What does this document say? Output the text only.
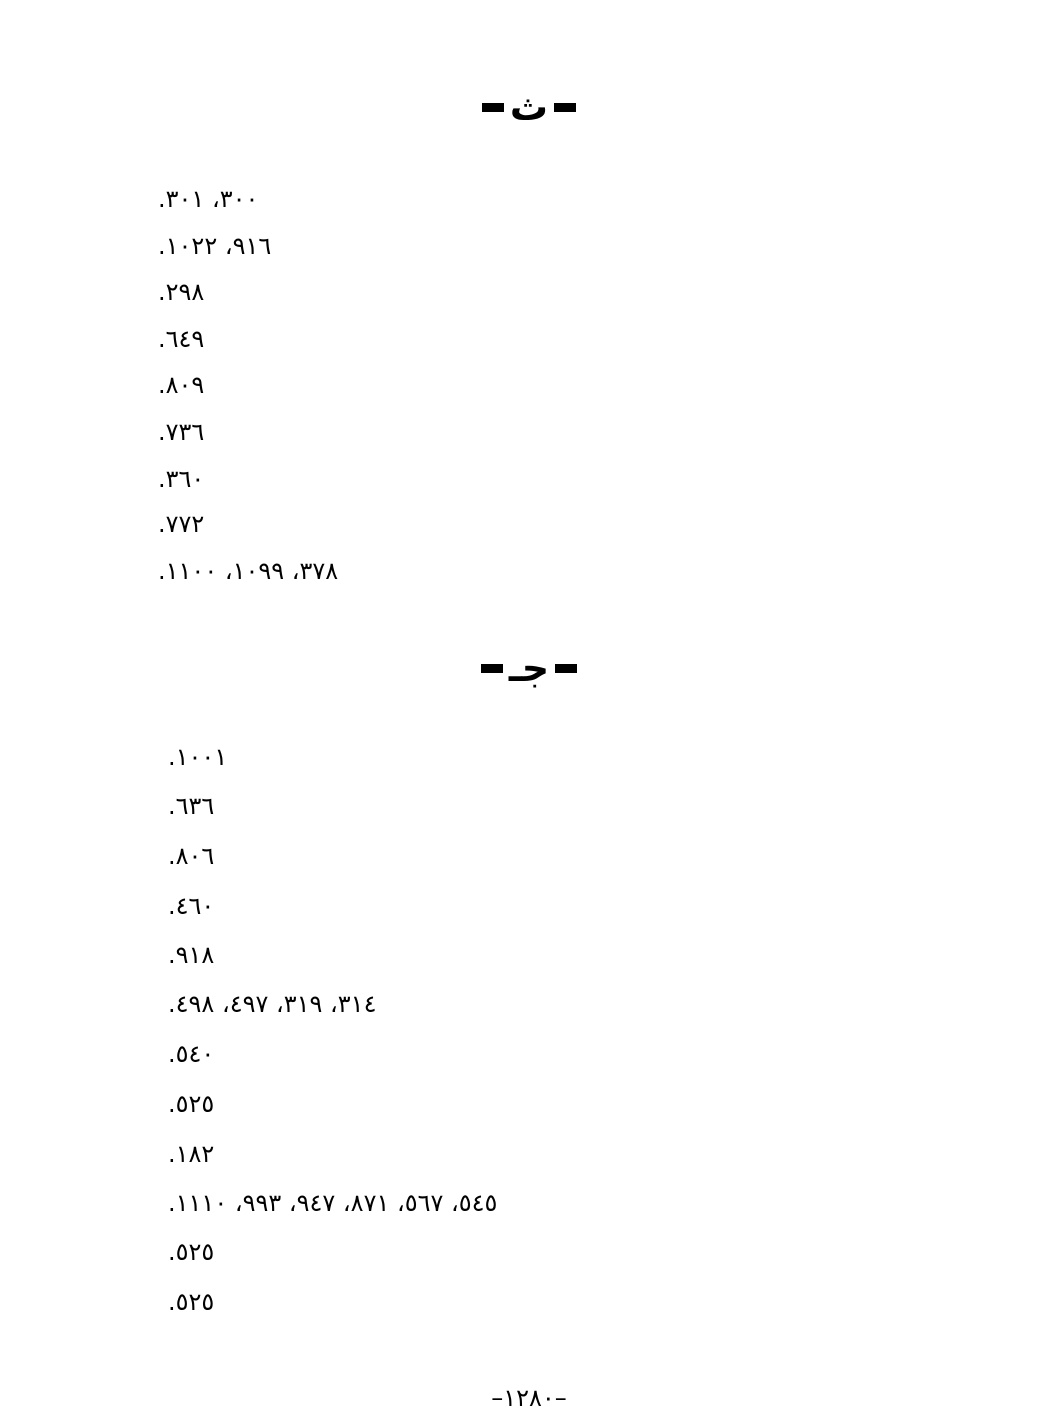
ث
٣٠٠، ٣٠١.
٩١٦، ١٠٢٢.
٢٩٨.
٦٤٩.
٨٠٩.
٧٣٦.
٣٦٠.
٧٧٢.
٣٧٨، ١٠٩٩، ١١٠٠.
جـ
١٠٠١.
٦٣٦.
٨٠٦.
٤٦٠.
٩١٨.
٣١٤، ٣١٩، ٤٩٧، ٤٩٨.
٥٤٠.
٥٢٥.
١٨٢.
٥٤٥، ٥٦٧، ٨٧١، ٩٤٧، ٩٩٣، ١١١٠.
٥٢٥.
٥٢٥.
–١٢٨٠–
